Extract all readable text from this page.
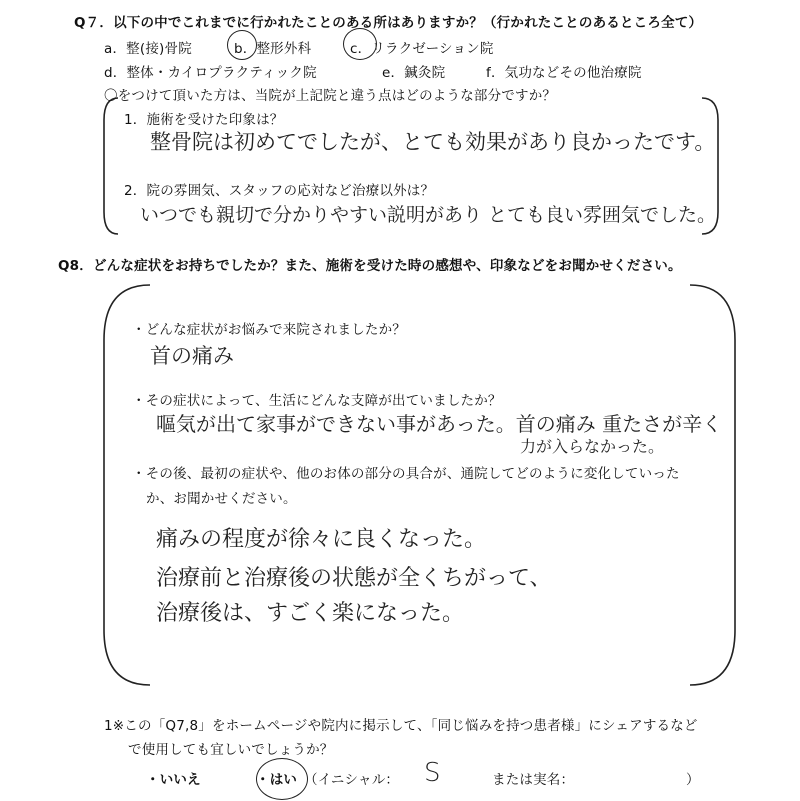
Q７．以下の中でこれまでに行かれたことのある所はありますか？（行かれたことのあるところ全て）
a．整(接)骨院	b．整形外科	c．リラクゼーション院
d．整体・カイロプラクティック院	e．鍼灸院	f．気功などその他治療院
〇をつけて頂いた方は、当院が上記院と違う点はどのような部分ですか？
1．施術を受けた印象は？
整骨院は初めてでしたが、とても効果があり良かったです。
2．院の雰囲気、スタッフの応対など治療以外は？
いつでも親切で分かりやすい説明があり とても良い雰囲気でした。
Q8．どんな症状をお持ちでしたか？また、施術を受けた時の感想や、印象などをお聞かせください。
・どんな症状がお悩みで来院されましたか？
首の痛み
・その症状によって、生活にどんな支障が出ていましたか？
嘔気が出て家事ができない事があった。首の痛み 重たさが辛く
力が入らなかった。
・その後、最初の症状や、他のお体の部分の具合が、通院してどのように変化していった
か、お聞かせください。
痛みの程度が徐々に良くなった。
治療前と治療後の状態が全くちがって、
治療後は、すごく楽になった。
1※この「Q7,8」をホームページや院内に掲示して、「同じ悩みを持つ患者様」にシェアするなど
で使用しても宜しいでしょうか？
・いいえ	・はい （イニシャル： S	または実名：	）
